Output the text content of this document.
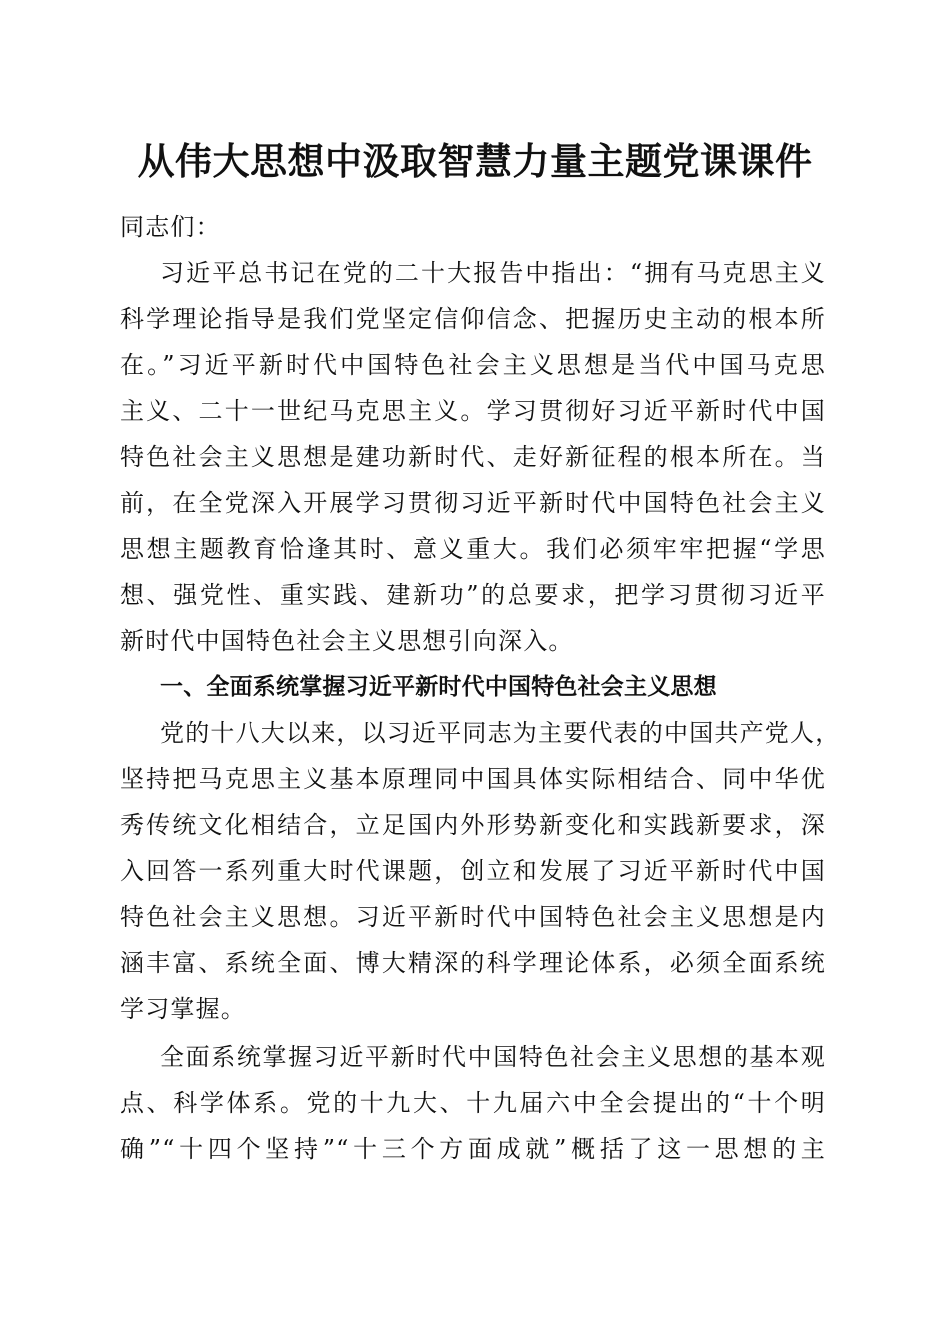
从伟大思想中汲取智慧力量主题党课课件
同志们：
习近平总书记在党的二十大报告中指出：“拥有马克思主义
科学理论指导是我们党坚定信仰信念、把握历史主动的根本所
在。”习近平新时代中国特色社会主义思想是当代中国马克思
主义、二十一世纪马克思主义。学习贯彻好习近平新时代中国
特色社会主义思想是建功新时代、走好新征程的根本所在。当
前，在全党深入开展学习贯彻习近平新时代中国特色社会主义
思想主题教育恰逢其时、意义重大。我们必须牢牢把握“学思
想、强党性、重实践、建新功”的总要求，把学习贯彻习近平
新时代中国特色社会主义思想引向深入。
一、全面系统掌握习近平新时代中国特色社会主义思想
党的十八大以来，以习近平同志为主要代表的中国共产党人，
坚持把马克思主义基本原理同中国具体实际相结合、同中华优
秀传统文化相结合，立足国内外形势新变化和实践新要求，深
入回答一系列重大时代课题，创立和发展了习近平新时代中国
特色社会主义思想。习近平新时代中国特色社会主义思想是内
涵丰富、系统全面、博大精深的科学理论体系，必须全面系统
学习掌握。
全面系统掌握习近平新时代中国特色社会主义思想的基本观
点、科学体系。党的十九大、十九届六中全会提出的“十个明
确”“十四个坚持”“十三个方面成就”概括了这一思想的主
